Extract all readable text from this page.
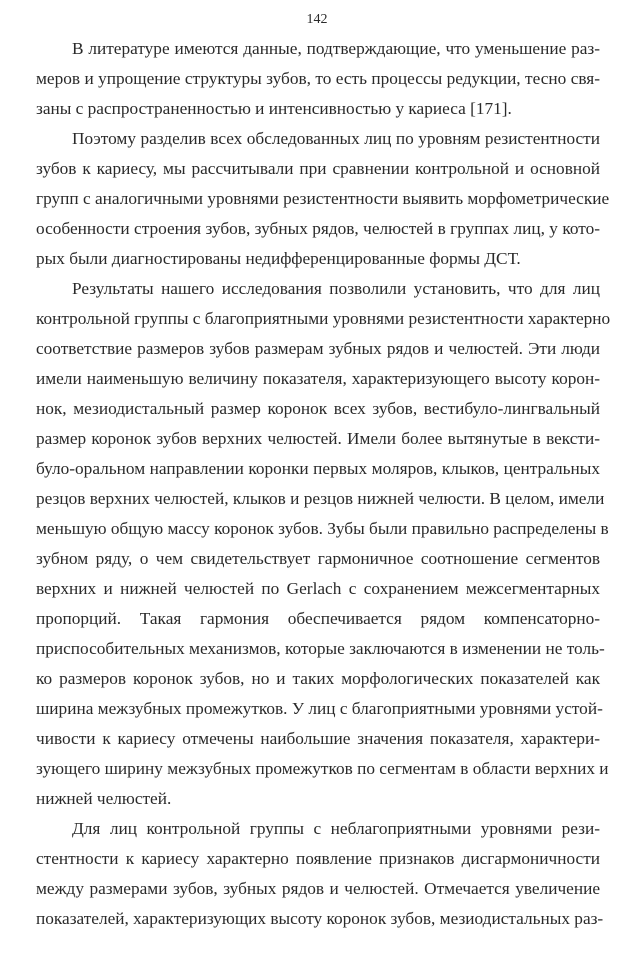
142
В литературе имеются данные, подтверждающие, что уменьшение раз-
меров и упрощение структуры зубов, то есть процессы редукции, тесно свя-
заны с распространенностью и интенсивностью у кариеса [171].
Поэтому разделив всех обследованных лиц по уровням резистентности
зубов к кариесу, мы рассчитывали при сравнении контрольной и основной
групп с аналогичными уровнями резистентности выявить морфометрические
особенности строения зубов, зубных рядов, челюстей в группах лиц, у кото-
рых были диагностированы недифференцированные формы ДСТ.
Результаты нашего исследования позволили установить, что для лиц
контрольной группы с благоприятными уровнями резистентности характерно
соответствие размеров зубов размерам зубных рядов и челюстей. Эти люди
имели наименьшую величину показателя, характеризующего высоту корон-
нок, мезиодистальный размер коронок всех зубов, вестибуло-лингвальный
размер коронок зубов верхних челюстей. Имели более вытянутые в вексти-
було-оральном направлении коронки первых моляров, клыков, центральных
резцов верхних челюстей, клыков и резцов нижней челюсти. В целом, имели
меньшую общую массу коронок зубов. Зубы были правильно распределены в
зубном ряду, о чем свидетельствует гармоничное соотношение сегментов
верхних и нижней челюстей по Gerlach с сохранением межсегментарных
пропорций. Такая гармония обеспечивается рядом компенсаторно-
приспособительных механизмов, которые заключаются в изменении не толь-
ко размеров коронок зубов, но и таких морфологических показателей как
ширина межзубных промежутков. У лиц с благоприятными уровнями устой-
чивости к кариесу отмечены наибольшие значения показателя, характери-
зующего ширину межзубных промежутков по сегментам в области верхних и
нижней челюстей.
Для лиц контрольной группы с неблагоприятными уровнями рези-
стентности к кариесу характерно появление признаков дисгармоничности
между размерами зубов, зубных рядов и челюстей. Отмечается увеличение
показателей, характеризующих высоту коронок зубов, мезиодистальных раз-
